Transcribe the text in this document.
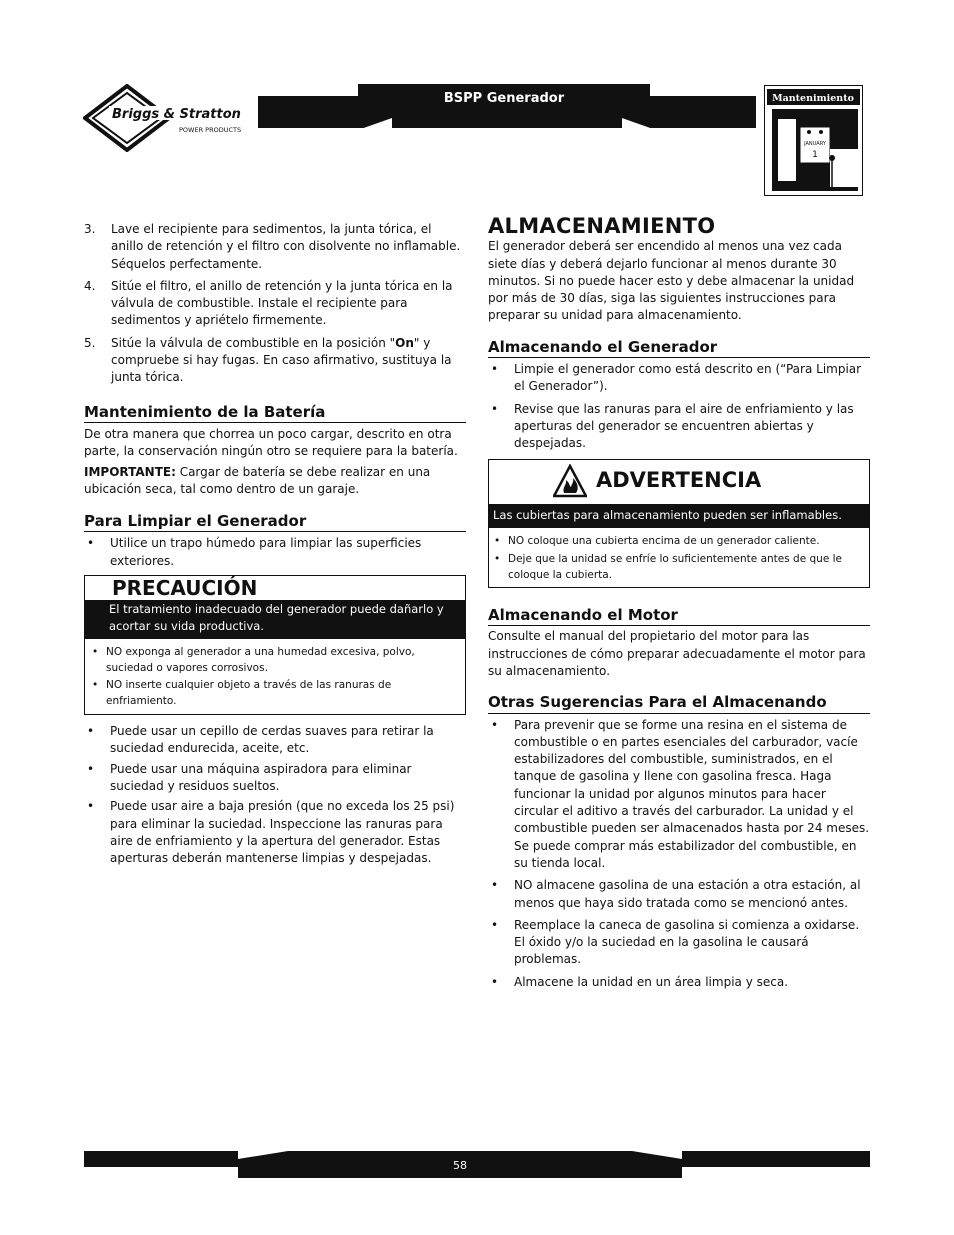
BSPP Generador
Briggs & Stratton
POWER PRODUCTS
Mantenimiento
JANUARY
1
3.	Lave el recipiente para sedimentos, la junta tórica, el anillo de retención y el filtro con disolvente no inflamable. Séquelos perfectamente.
4.	Sitúe el filtro, el anillo de retención y la junta tórica en la válvula de combustible. Instale el recipiente para sedimentos y apriételo firmemente.
5.	Sitúe la válvula de combustible en la posición "On" y compruebe si hay fugas. En caso afirmativo, sustituya la junta tórica.
Mantenimiento de la Batería
De otra manera que chorrea un poco cargar, descrito en otra parte, la conservación ningún otro se requiere para la batería.
IMPORTANTE: Cargar de batería se debe realizar en una ubicación seca, tal como dentro de un garaje.
Para Limpiar el Generador
•	Utilice un trapo húmedo para limpiar las superficies exteriores.
PRECAUCIÓN
El tratamiento inadecuado del generador puede dañarlo y acortar su vida productiva.
• NO exponga al generador a una humedad excesiva, polvo, suciedad o vapores corrosivos.
• NO inserte cualquier objeto a través de las ranuras de enfriamiento.
•	Puede usar un cepillo de cerdas suaves para retirar la suciedad endurecida, aceite, etc.
•	Puede usar una máquina aspiradora para eliminar suciedad y residuos sueltos.
•	Puede usar aire a baja presión (que no exceda los 25 psi) para eliminar la suciedad. Inspeccione las ranuras para aire de enfriamiento y la apertura del generador. Estas aperturas deberán mantenerse limpias y despejadas.
ALMACENAMIENTO
El generador deberá ser encendido al menos una vez cada siete días y deberá dejarlo funcionar al menos durante 30 minutos. Si no puede hacer esto y debe almacenar la unidad por más de 30 días, siga las siguientes instrucciones para preparar su unidad para almacenamiento.
Almacenando el Generador
•	Limpie el generador como está descrito en (“Para Limpiar el Generador”).
•	Revise que las ranuras para el aire de enfriamiento y las aperturas del generador se encuentren abiertas y despejadas.
ADVERTENCIA
Las cubiertas para almacenamiento pueden ser inflamables.
• NO coloque una cubierta encima de un generador caliente.
• Deje que la unidad se enfríe lo suficientemente antes de que le coloque la cubierta.
Almacenando el Motor
Consulte el manual del propietario del motor para las instrucciones de cómo preparar adecuadamente el motor para su almacenamiento.
Otras Sugerencias Para el Almacenando
•	Para prevenir que se forme una resina en el sistema de combustible o en partes esenciales del carburador, vacíe estabilizadores del combustible, suministrados, en el tanque de gasolina y llene con gasolina fresca. Haga funcionar la unidad por algunos minutos para hacer circular el aditivo a través del carburador. La unidad y el combustible pueden ser almacenados hasta por 24 meses. Se puede comprar más estabilizador del combustible, en su tienda local.
•	NO almacene gasolina de una estación a otra estación, al menos que haya sido tratada como se mencionó antes.
•	Reemplace la caneca de gasolina si comienza a oxidarse. El óxido y/o la suciedad en la gasolina le causará problemas.
•	Almacene la unidad en un área limpia y seca.
58
